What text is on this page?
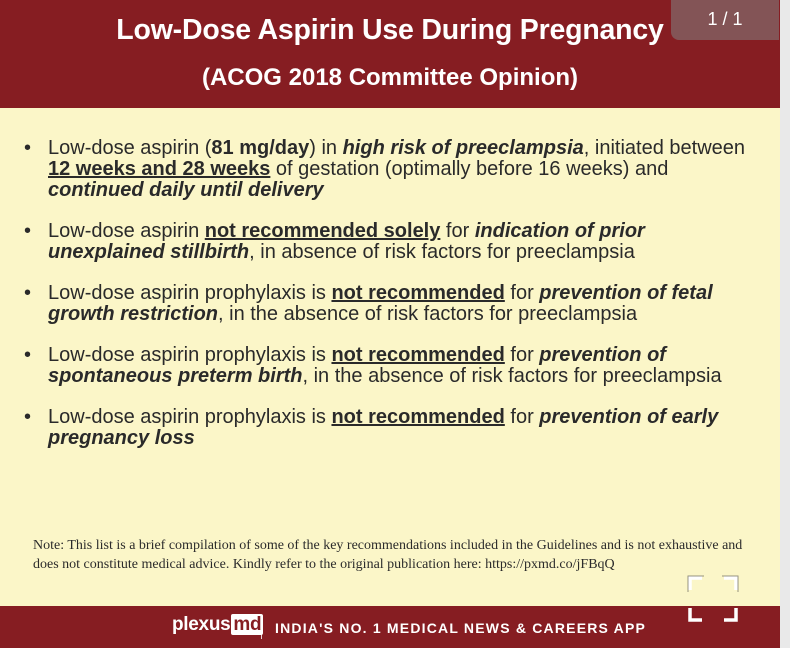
Low-Dose Aspirin Use During Pregnancy
(ACOG 2018 Committee Opinion)
• Low-dose aspirin (81 mg/day) in high risk of preeclampsia, initiated between 12 weeks and 28 weeks of gestation (optimally before 16 weeks) and continued daily until delivery
• Low-dose aspirin not recommended solely for indication of prior unexplained stillbirth, in absence of risk factors for preeclampsia
• Low-dose aspirin prophylaxis is not recommended for prevention of fetal growth restriction, in the absence of risk factors for preeclampsia
• Low-dose aspirin prophylaxis is not recommended for prevention of spontaneous preterm birth, in the absence of risk factors for preeclampsia
• Low-dose aspirin prophylaxis is not recommended for prevention of early pregnancy loss
Note: This list is a brief compilation of some of the key recommendations included in the Guidelines and is not exhaustive and does not constitute medical advice. Kindly refer to the original publication here: https://pxmd.co/jFBqQ
plexus md INDIA'S NO. 1 MEDICAL NEWS & CAREERS APP
1 / 1
